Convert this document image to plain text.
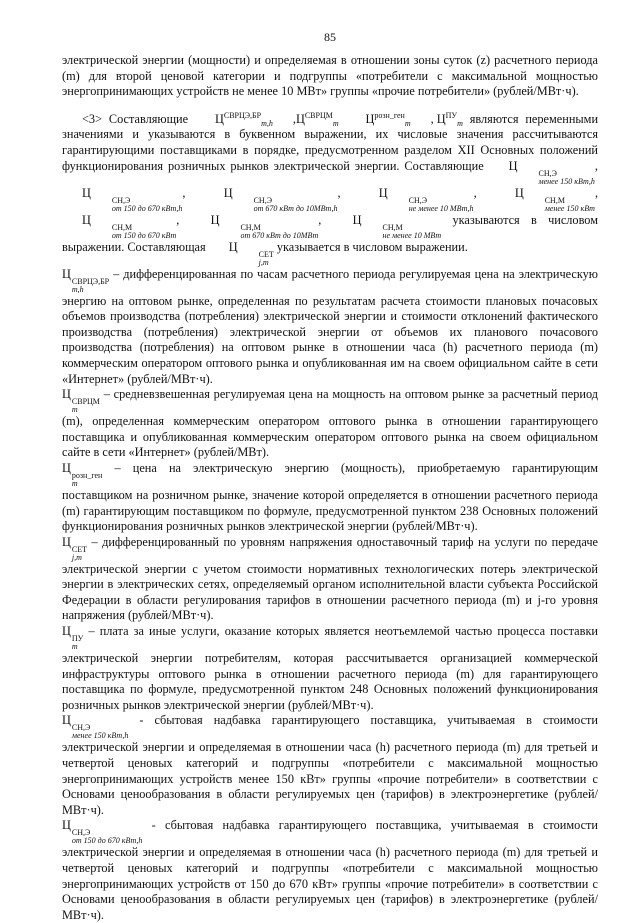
85

электрической энергии (мощности) и определяемая в отношении зоны суток (z) расчетного периода (m) для второй ценовой категории и подгруппы «потребители с максимальной мощностью энергопринимающих устройств не менее 10 МВт» группы «прочие потребители» (рублей/МВт·ч).

<3> Составляющие $Ц^{СВРЦЭ,БР}_{m,h}$ $,Ц^{СВРЦМ}_m$ $Ц^{розн\_ген}_m$ , $Ц^{ПУ}_m$ являются переменными значениями и указываются в буквенном выражении, их числовые значения рассчитываются гарантирующими поставщиками в порядке, предусмотренном разделом XII Основных положений функционирования розничных рынков электрической энергии. Составляющие Ц
СН,Э
менее 150 кВт,h
, Ц
СН,Э
от 150 до 670 кВт,h
,	Ц
СН,Э
от 670 кВт до 10МВт,h
,	Ц
СН,Э
не менее 10 МВт,h
,	Ц
СН,М
менее 150 кВт
, Ц
СН,М
от 150 до 670 кВт
,	Ц
СН,М
от 670 кВт до 10МВт
,	Ц
СН,М
не менее 10 МВт
указываются в числовом выражении. Составляющая Ц
СЕТ
j,m
указывается в числовом выражении.

Ц
СВРЦЭ,БР
m,h
– дифференцированная по часам расчетного периода регулируемая цена на электрическую энергию на оптовом рынке, определенная по результатам расчета стоимости плановых почасовых объемов производства (потребления) электрической энергии и стоимости отклонений фактического производства (потребления) электрической энергии от объемов их планового почасового производства (потребления) на оптовом рынке в отношении часа (h) расчетного периода (m) коммерческим оператором оптового рынка и опубликованная им на своем официальном сайте в сети «Интернет» (рублей/МВт·ч).

Ц
СВРЦМ
m
– средневзвешенная регулируемая цена на мощность на оптовом рынке за расчетный период (m), определенная коммерческим оператором оптового рынка в отношении гарантирующего поставщика и опубликованная коммерческим оператором оптового рынка на своем официальном сайте в сети «Интернет» (рублей/МВт).

Ц
розн_ген
m
– цена на электрическую энергию (мощность), приобретаемую гарантирующим поставщиком на розничном рынке, значение которой определяется в отношении расчетного периода (m) гарантирующим поставщиком по формуле, предусмотренной пунктом 238 Основных положений функционирования розничных рынков электрической энергии (рублей/МВт·ч).

Ц
СЕТ
j,m
– дифференцированный по уровням напряжения одноставочный тариф на услуги по передаче электрической энергии с учетом стоимости нормативных технологических потерь электрической энергии в электрических сетях, определяемый органом исполнительной власти субъекта Российской Федерации в области регулирования тарифов в отношении расчетного периода (m) и j-го уровня напряжения (рублей/МВт·ч).

Ц
ПУ
m
– плата за иные услуги, оказание которых является неотъемлемой частью процесса поставки электрической энергии потребителям, которая рассчитывается организацией коммерческой инфраструктуры оптового рынка в отношении расчетного периода (m) для гарантирующего поставщика по формуле, предусмотренной пунктом 248 Основных положений функционирования розничных рынков электрической энергии (рублей/МВт·ч).

Ц
СН,Э
менее 150 кВт,h
- сбытовая надбавка гарантирующего поставщика, учитываемая в стоимости электрической энергии и определяемая в отношении часа (h) расчетного периода (m) для третьей и четвертой ценовых категорий и подгруппы «потребители с максимальной мощностью энергопринимающих устройств менее 150 кВт» группы «прочие потребители» в соответствии с Основами ценообразования в области регулируемых цен (тарифов) в электроэнергетике (рублей/МВт·ч).

Ц
СН,Э
от 150 до 670 кВт,h
- сбытовая надбавка гарантирующего поставщика, учитываемая в стоимости электрической энергии и определяемая в отношении часа (h) расчетного периода (m) для третьей и четвертой ценовых категорий и подгруппы «потребители с максимальной мощностью энергопринимающих устройств от 150 до 670 кВт» группы «прочие потребители» в соответствии с Основами ценообразования в области регулируемых цен (тарифов) в электроэнергетике (рублей/МВт·ч).
